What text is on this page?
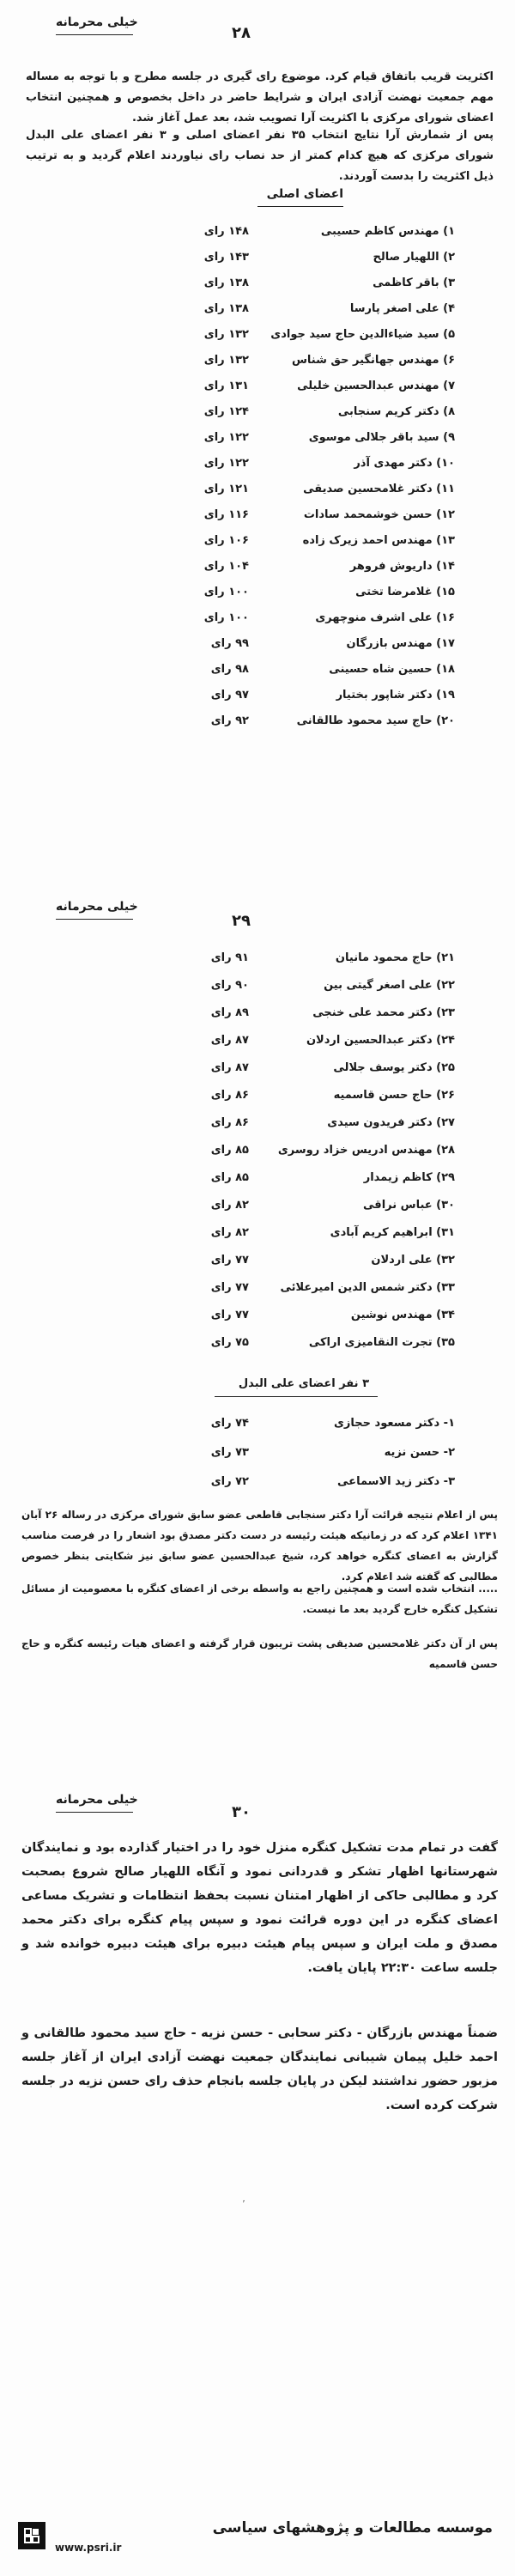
خیلی محرمانه
۲۸
اکثریت قریب باتفاق قیام کرد. موضوع رای گیری در جلسه مطرح و با توجه به مساله مهم جمعیت نهضت آزادی ایران و شرایط حاضر در داخل بخصوص و همچنین انتخاب اعضای شورای مرکزی با اکثریت آرا تصویب شد، بعد عمل آغاز شد.
پس از شمارش آرا نتایج انتخاب ۳۵ نفر اعضای اصلی و ۳ نفر اعضای علی البدل شورای مرکزی که هیچ کدام کمتر از حد نصاب رای نیاوردند اعلام گردید و به ترتیب ذیل اکثریت را بدست آوردند.
اعضای اصلی
۱) مهندس کاظم حسیبی
۱۴۸ رای
۲) اللهیار صالح
۱۴۳ رای
۳) باقر کاظمی
۱۳۸ رای
۴) علی اصغر پارسا
۱۳۸ رای
۵) سید ضیاءالدین حاج سید جوادی
۱۳۲ رای
۶) مهندس جهانگیر حق شناس
۱۳۲ رای
۷) مهندس عبدالحسین خلیلی
۱۳۱ رای
۸) دکتر کریم سنجابی
۱۲۴ رای
۹) سید باقر جلالی موسوی
۱۲۲ رای
۱۰) دکتر مهدی آذر
۱۲۲ رای
۱۱) دکتر غلامحسین صدیقی
۱۲۱ رای
۱۲) حسن خوشمحمد سادات
۱۱۶ رای
۱۳) مهندس احمد زیرک زاده
۱۰۶ رای
۱۴) داریوش فروهر
۱۰۴ رای
۱۵) غلامرضا تختی
۱۰۰ رای
۱۶) علی اشرف منوچهری
۱۰۰ رای
۱۷) مهندس بازرگان
۹۹ رای
۱۸) حسین شاه حسینی
۹۸ رای
۱۹) دکتر شاپور بختیار
۹۷ رای
۲۰) حاج سید محمود طالقانی
۹۲ رای
خیلی محرمانه
۲۹
۲۱) حاج محمود مانیان
۹۱ رای
۲۲) علی اصغر گیتی بین
۹۰ رای
۲۳) دکتر محمد علی خنجی
۸۹ رای
۲۴) دکتر عبدالحسین اردلان
۸۷ رای
۲۵) دکتر یوسف جلالی
۸۷ رای
۲۶) حاج حسن قاسمیه
۸۶ رای
۲۷) دکتر فریدون سیدی
۸۶ رای
۲۸) مهندس ادریس خزاد روسری
۸۵ رای
۲۹) کاظم زیمدار
۸۵ رای
۳۰) عباس نراقی
۸۲ رای
۳۱) ابراهیم کریم آبادی
۸۲ رای
۳۲) علی اردلان
۷۷ رای
۳۳) دکتر شمس الدین امیرعلائی
۷۷ رای
۳۴) مهندس نوشین
۷۷ رای
۳۵) تجرت النقامیزی اراکی
۷۵ رای
۳ نفر اعضای علی البدل
۱- دکتر مسعود حجازی
۷۴ رای
۲- حسن نزیه
۷۳ رای
۳- دکتر زید الاسماعی
۷۲ رای
پس از اعلام نتیجه قرائت آرا دکتر سنجابی قاطعی عضو سابق شورای مرکزی در رساله ۲۶ آبان ۱۳۴۱ اعلام کرد که در زمانیکه هیئت رئیسه در دست دکتر مصدق بود اشعار را در فرصت مناسب گزارش به اعضای کنگره خواهد کرد، شیخ عبدالحسین عضو سابق نیز شکایتی بنظر خصوص مطالبی که گفته شد اعلام کرد.
..... انتخاب شده است و همچنین راجع به واسطه برخی از اعضای کنگره با معصومیت از مسائل تشکیل کنگره خارج گردید بعد ما نیست.
پس از آن دکتر غلامحسین صدیقی پشت تریبون قرار گرفته و اعضای هیات رئیسه کنگره و حاج حسن قاسمیه
خیلی محرمانه
۳۰
گفت در تمام مدت تشکیل کنگره منزل خود را در اختیار گذارده بود و نمایندگان شهرستانها اظهار تشکر و قدردانی نمود و آنگاه اللهیار صالح شروع بصحبت کرد و مطالبی حاکی از اظهار امتنان نسبت بحفظ انتظامات و تشریک مساعی اعضای کنگره در این دوره قرائت نمود و سپس پیام کنگره برای دکتر محمد مصدق و ملت ایران و سپس پیام هیئت دبیره برای هیئت دبیره خوانده شد و جلسه ساعت ۲۲:۳۰ پایان یافت.
ضمناً مهندس بازرگان - دکتر سحابی - حسن نزیه - حاج سید محمود طالقانی و احمد خلیل پیمان شیبانی نمایندگان جمعیت نهضت آزادی ایران از آغاز جلسه مزبور حضور نداشتند لیکن در پایان جلسه بانجام حذف رای حسن نزیه در جلسه شرکت کرده است.
ʼ
موسسه مطالعات و پژوهشهای سیاسی
www.psri.ir
